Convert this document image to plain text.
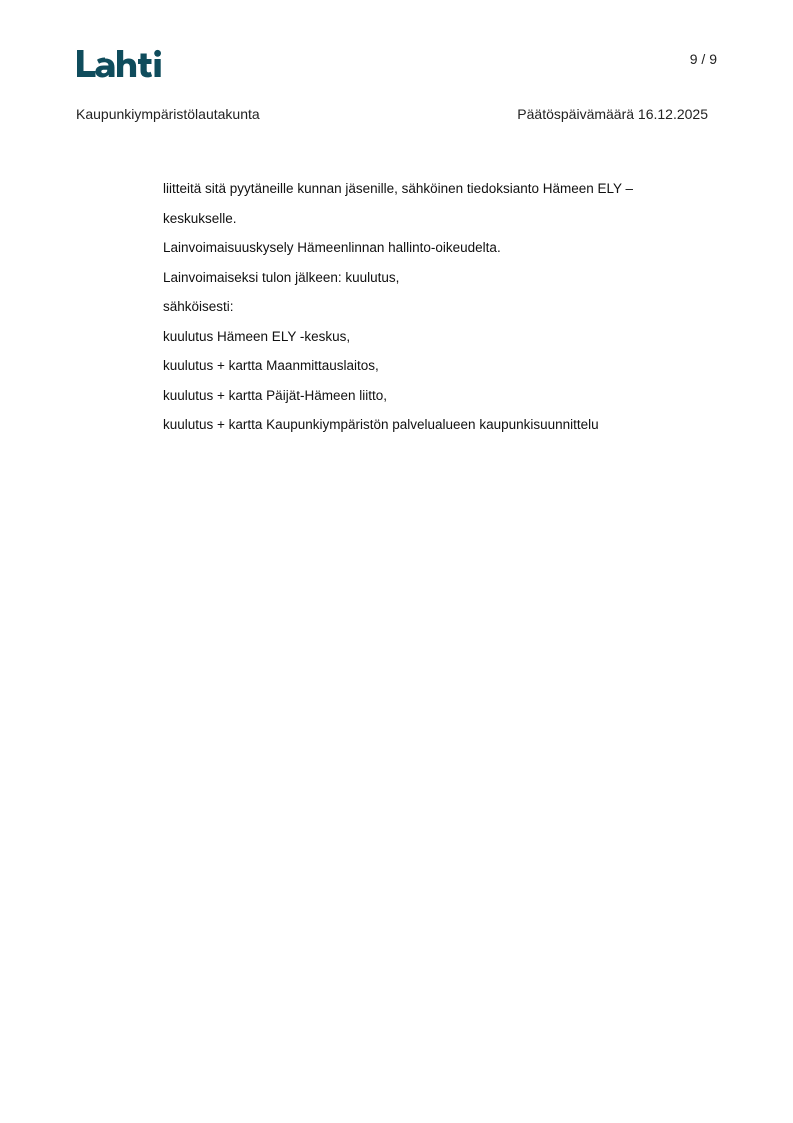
9 / 9
Kaupunkiympäristölautakunta	Päätöspäivämäärä 16.12.2025
liitteitä sitä pyytäneille kunnan jäsenille, sähköinen tiedoksianto Hämeen ELY –
keskukselle.
Lainvoimaisuuskysely Hämeenlinnan hallinto-oikeudelta.
Lainvoimaiseksi tulon jälkeen: kuulutus,
sähköisesti:
kuulutus Hämeen ELY -keskus,
kuulutus + kartta Maanmittauslaitos,
kuulutus + kartta Päijät-Hämeen liitto,
kuulutus + kartta Kaupunkiympäristön palvelualueen kaupunkisuunnittelu
